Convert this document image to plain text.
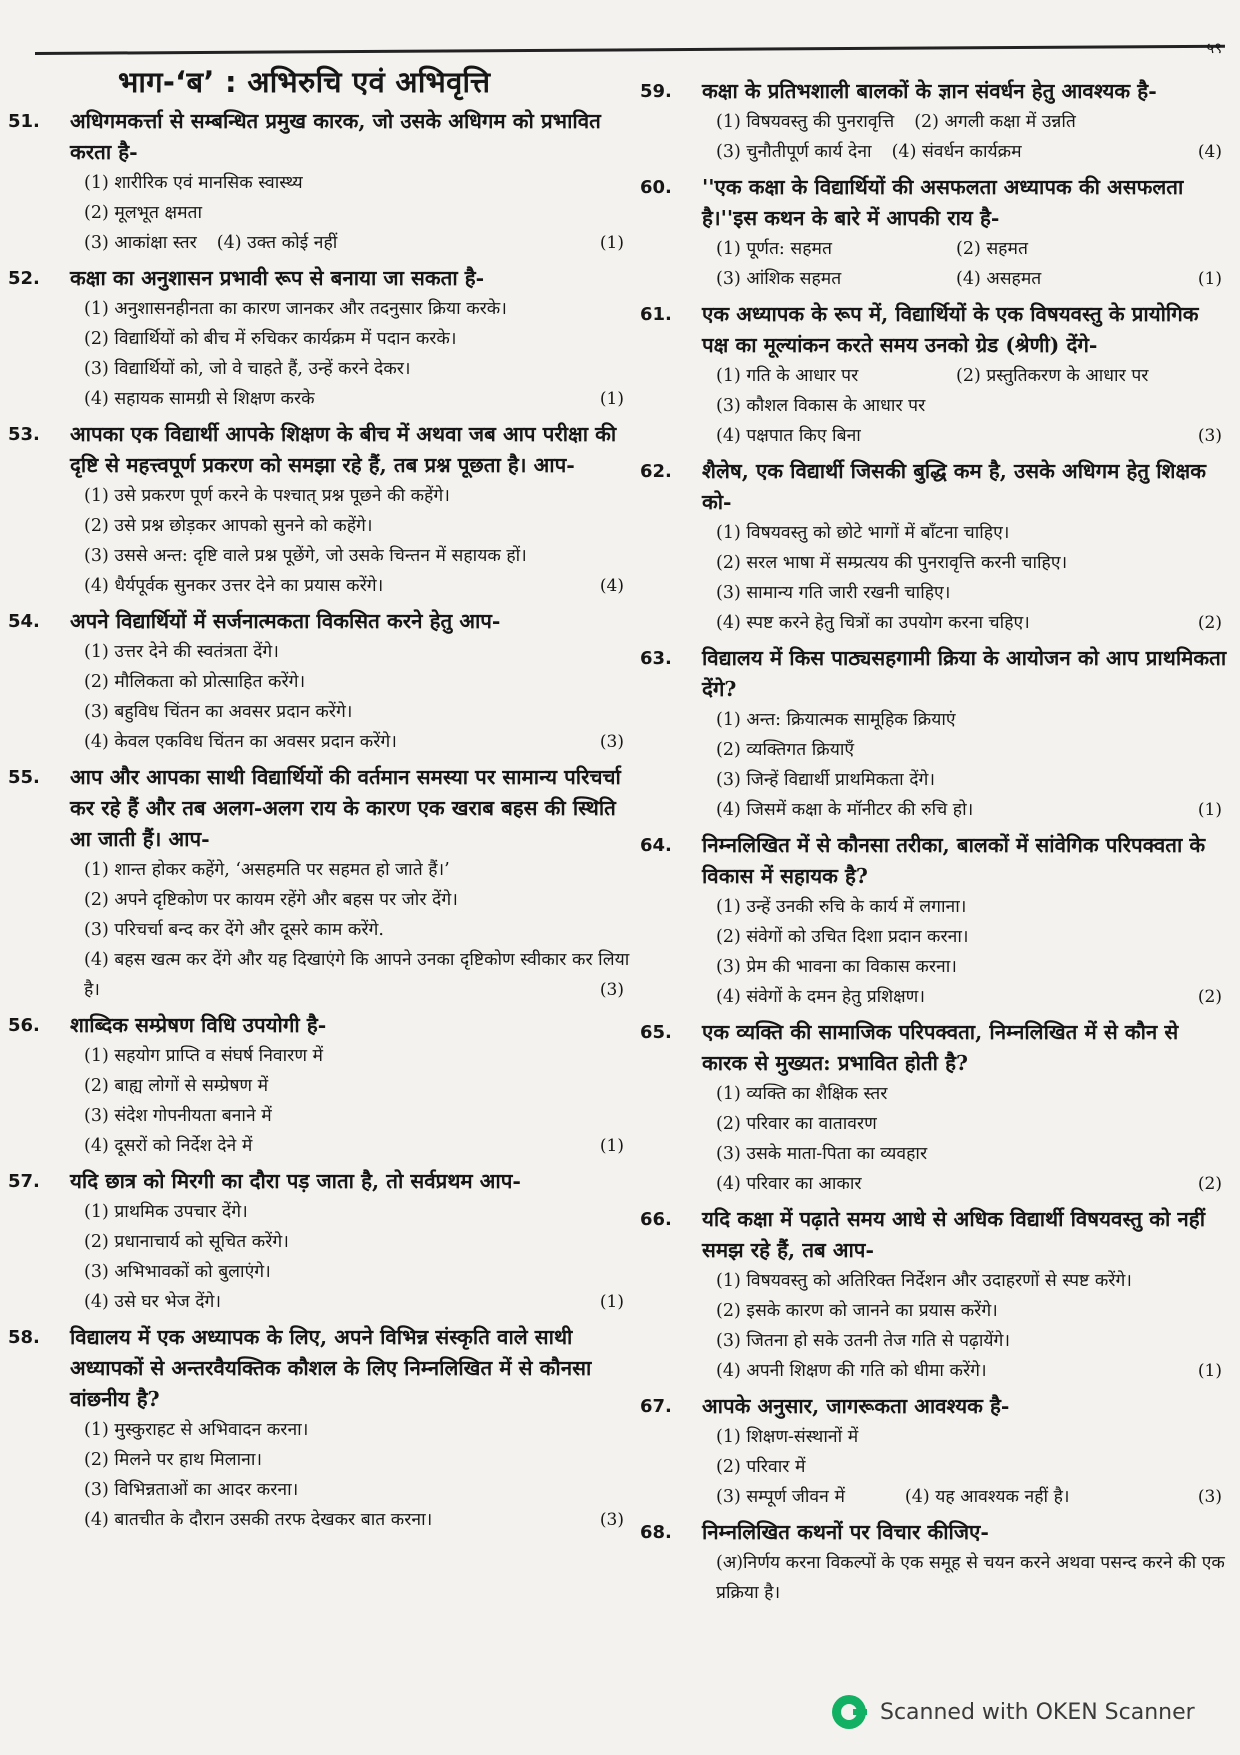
५९
भाग-‘ब’ : अभिरुचि एवं अभिवृत्ति
51.	अधिगमकर्त्ता से सम्बन्धित प्रमुख कारक, जो उसके अधिगम को प्रभावित करता है-
(1) शारीरिक एवं मानसिक स्वास्थ्य
(2) मूलभूत क्षमता
(3) आकांक्षा स्तर (4) उक्त कोई नहीं	(1)
52.	कक्षा का अनुशासन प्रभावी रूप से बनाया जा सकता है-
(1) अनुशासनहीनता का कारण जानकर और तदनुसार क्रिया करके।
(2) विद्यार्थियों को बीच में रुचिकर कार्यक्रम में पदान करके।
(3) विद्यार्थियों को, जो वे चाहते हैं, उन्हें करने देकर।
(4) सहायक सामग्री से शिक्षण करके	(1)
53.	आपका एक विद्यार्थी आपके शिक्षण के बीच में अथवा जब आप परीक्षा की दृष्टि से महत्त्वपूर्ण प्रकरण को समझा रहे हैं, तब प्रश्न पूछता है। आप-
(1) उसे प्रकरण पूर्ण करने के पश्चात् प्रश्न पूछने की कहेंगे।
(2) उसे प्रश्न छोड़कर आपको सुनने को कहेंगे।
(3) उससे अन्त: दृष्टि वाले प्रश्न पूछेंगे, जो उसके चिन्तन में सहायक हों।
(4) धैर्यपूर्वक सुनकर उत्तर देने का प्रयास करेंगे।	(4)
54.	अपने विद्यार्थियों में सर्जनात्मकता विकसित करने हेतु आप-
(1) उत्तर देने की स्वतंत्रता देंगे।
(2) मौलिकता को प्रोत्साहित करेंगे।
(3) बहुविध चिंतन का अवसर प्रदान करेंगे।
(4) केवल एकविध चिंतन का अवसर प्रदान करेंगे।	(3)
55.	आप और आपका साथी विद्यार्थियों की वर्तमान समस्या पर सामान्य परिचर्चा कर रहे हैं और तब अलग-अलग राय के कारण एक खराब बहस की स्थिति आ जाती हैं। आप-
(1) शान्त होकर कहेंगे, ‘असहमति पर सहमत हो जाते हैं।’
(2) अपने दृष्टिकोण पर कायम रहेंगे और बहस पर जोर देंगे।
(3) परिचर्चा बन्द कर देंगे और दूसरे काम करेंगे.
(4) बहस खत्म कर देंगे और यह दिखाएंगे कि आपने उनका दृष्टिकोण स्वीकार कर लिया है।	(3)
56.	शाब्दिक सम्प्रेषण विधि उपयोगी है-
(1) सहयोग प्राप्ति व संघर्ष निवारण में
(2) बाह्य लोगों से सम्प्रेषण में
(3) संदेश गोपनीयता बनाने में
(4) दूसरों को निर्देश देने में	(1)
57.	यदि छात्र को मिरगी का दौरा पड़ जाता है, तो सर्वप्रथम आप-
(1) प्राथमिक उपचार देंगे।
(2) प्रधानाचार्य को सूचित करेंगे।
(3) अभिभावकों को बुलाएंगे।
(4) उसे घर भेज देंगे।	(1)
58.	विद्यालय में एक अध्यापक के लिए, अपने विभिन्न संस्कृति वाले साथी अध्यापकों से अन्तरवैयक्तिक कौशल के लिए निम्नलिखित में से कौनसा वांछनीय है?
(1) मुस्कुराहट से अभिवादन करना।
(2) मिलने पर हाथ मिलाना।
(3) विभिन्नताओं का आदर करना।
(4) बातचीत के दौरान उसकी तरफ देखकर बात करना।	(3)
59.	कक्षा के प्रतिभशाली बालकों के ज्ञान संवर्धन हेतु आवश्यक है-
(1) विषयवस्तु की पुनरावृत्ति (2) अगली कक्षा में उन्नति
(3) चुनौतीपूर्ण कार्य देना (4) संवर्धन कार्यक्रम	(4)
60.	''एक कक्षा के विद्यार्थियों की असफलता अध्यापक की असफलता है।''इस कथन के बारे में आपकी राय है-
(1) पूर्णत: सहमत	(2) सहमत
(3) आंशिक सहमत	(4) असहमत	(1)
61.	एक अध्यापक के रूप में, विद्यार्थियों के एक विषयवस्तु के प्रायोगिक पक्ष का मूल्यांकन करते समय उनको ग्रेड (श्रेणी) देंगे-
(1) गति के आधार पर	(2) प्रस्तुतिकरण के आधार पर
(3) कौशल विकास के आधार पर
(4) पक्षपात किए बिना	(3)
62.	शैलेष, एक विद्यार्थी जिसकी बुद्धि कम है, उसके अधिगम हेतु शिक्षक को-
(1) विषयवस्तु को छोटे भागों में बाँटना चाहिए।
(2) सरल भाषा में सम्प्रत्यय की पुनरावृत्ति करनी चाहिए।
(3) सामान्य गति जारी रखनी चाहिए।
(4) स्पष्ट करने हेतु चित्रों का उपयोग करना चहिए।	(2)
63.	विद्यालय में किस पाठ्यसहगामी क्रिया के आयोजन को आप प्राथमिकता देंगे?
(1) अन्त: क्रियात्मक सामूहिक क्रियाएं
(2) व्यक्तिगत क्रियाएँ
(3) जिन्हें विद्यार्थी प्राथमिकता देंगे।
(4) जिसमें कक्षा के मॉनीटर की रुचि हो।	(1)
64.	निम्नलिखित में से कौनसा तरीका, बालकों में सांवेगिक परिपक्वता के विकास में सहायक है?
(1) उन्हें उनकी रुचि के कार्य में लगाना।
(2) संवेगों को उचित दिशा प्रदान करना।
(3) प्रेम की भावना का विकास करना।
(4) संवेगों के दमन हेतु प्रशिक्षण।	(2)
65.	एक व्यक्ति की सामाजिक परिपक्वता, निम्नलिखित में से कौन से कारक से मुख्यत: प्रभावित होती है?
(1) व्यक्ति का शैक्षिक स्तर
(2) परिवार का वातावरण
(3) उसके माता-पिता का व्यवहार
(4) परिवार का आकार	(2)
66.	यदि कक्षा में पढ़ाते समय आधे से अधिक विद्यार्थी विषयवस्तु को नहीं समझ रहे हैं, तब आप-
(1) विषयवस्तु को अतिरिक्त निर्देशन और उदाहरणों से स्पष्ट करेंगे।
(2) इसके कारण को जानने का प्रयास करेंगे।
(3) जितना हो सके उतनी तेज गति से पढ़ायेंगे।
(4) अपनी शिक्षण की गति को धीमा करेंगे।	(1)
67.	आपके अनुसार, जागरूकता आवश्यक है-
(1) शिक्षण-संस्थानों में
(2) परिवार में
(3) सम्पूर्ण जीवन में	(4) यह आवश्यक नहीं है।	(3)
68.	निम्नलिखित कथनों पर विचार कीजिए-
(अ)निर्णय करना विकल्पों के एक समूह से चयन करने अथवा पसन्द करने की एक प्रक्रिया है।
Scanned with OKEN Scanner
